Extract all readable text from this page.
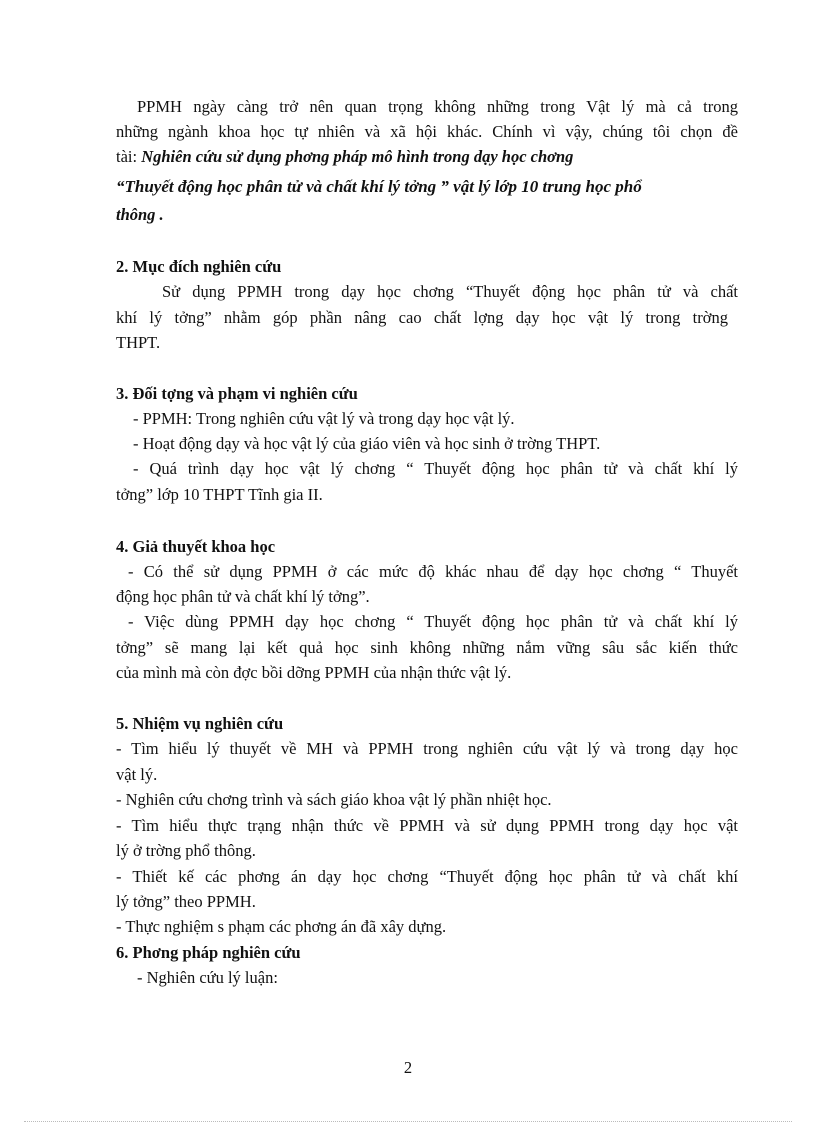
PPMH ngày càng trở nên quan trọng không những trong Vật lý mà cả trong
những ngành khoa học tự nhiên và xã hội khác. Chính vì vậy, chúng tôi chọn đề
tài: Nghiên cứu sử dụng phơng pháp mô hình trong dạy học chơng
“Thuyết động học phân tử và chất khí lý tởng ” vật lý lớp 10 trung học phổ
thông .
2. Mục đích nghiên cứu
Sử dụng PPMH trong dạy học chơng “Thuyết động học phân tử và chất
khí lý tởng” nhằm góp phần nâng cao chất lợng dạy học vật lý trong trờng
THPT.
3. Đối tợng và phạm vi nghiên cứu
- PPMH: Trong nghiên cứu vật lý và trong dạy học vật lý.
- Hoạt động dạy và học vật lý của giáo viên và học sinh ở trờng THPT.
- Quá trình dạy học vật lý chơng “ Thuyết động học phân tử và chất khí lý
tởng” lớp 10 THPT Tĩnh gia II.
4. Giả thuyết khoa học
- Có thể sử dụng PPMH ở các mức độ khác nhau để dạy học chơng “ Thuyết
động học phân tử và chất khí lý tởng”.
- Việc dùng PPMH dạy học chơng “ Thuyết động học phân tử và chất khí lý
tởng” sẽ mang lại kết quả học sinh không những nắm vững sâu sắc kiến thức
của mình mà còn đợc bồi dỡng PPMH của nhận thức vật lý.
5. Nhiệm vụ nghiên cứu
- Tìm hiểu lý thuyết về MH và PPMH trong nghiên cứu vật lý và trong dạy học
vật lý.
- Nghiên cứu chơng trình và sách giáo khoa vật lý phần nhiệt học.
- Tìm hiểu thực trạng nhận thức về PPMH và sử dụng PPMH trong dạy học vật
lý ở trờng phổ thông.
- Thiết kế các phơng án dạy học chơng “Thuyết động học phân tử và chất khí
lý tởng” theo PPMH.
- Thực nghiệm s phạm các phơng án đã xây dựng.
6. Phơng pháp nghiên cứu
- Nghiên cứu lý luận:
2
